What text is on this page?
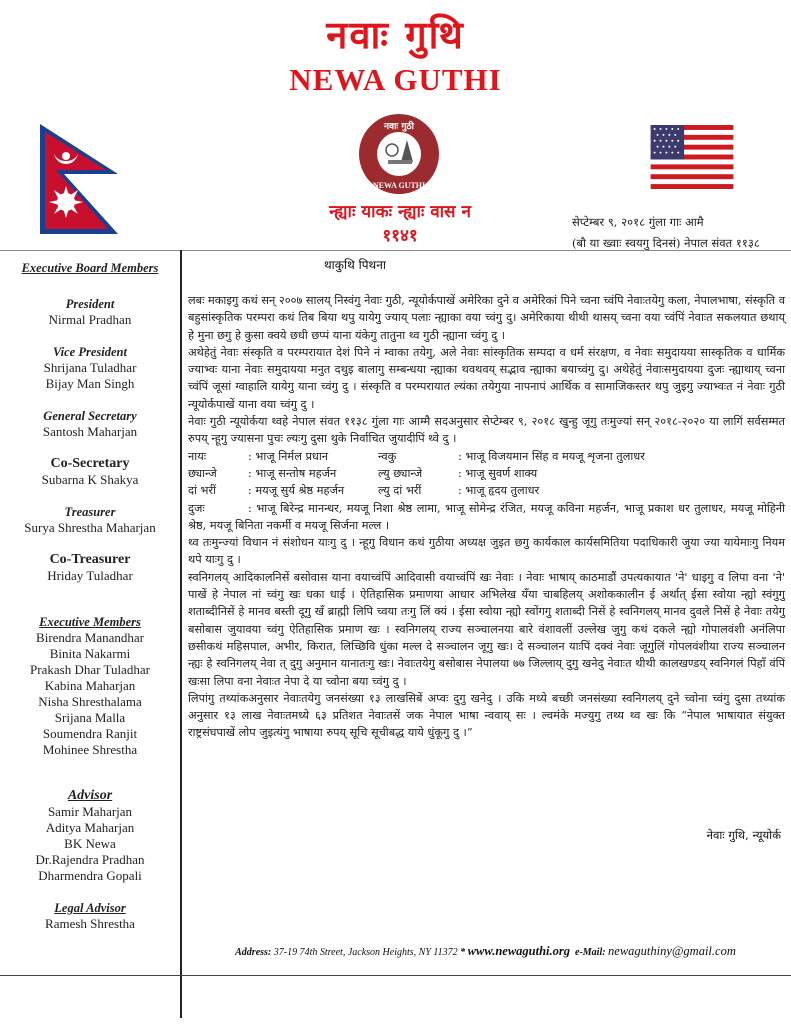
नवाः गुथि
NEWA GUTHI
नवाः गुठी
NEWA GUTHI
न्ह्याः याकः न्ह्याः वास न
११४१
सेप्टेम्बर ९, २०१८ गुंला गाः आमै
(बौ या ख्वाः स्वयगु दिनसं) नेपाल संवत ११३८
Executive Board Members
President
Nirmal Pradhan
Vice President
Shrijana Tuladhar
Bijay Man Singh
General Secretary
Santosh Maharjan
Co-Secretary
Subarna K Shakya
Treasurer
Surya Shrestha Maharjan
Co-Treasurer
Hriday Tuladhar
Executive Members
Birendra Manandhar
Binita Nakarmi
Prakash Dhar Tuladhar
Kabina Maharjan
Nisha Shresthalama
Srijana Malla
Soumendra Ranjit
Mohinee Shrestha
Advisor
Samir Maharjan
Aditya Maharjan
BK Newa
Dr.Rajendra Pradhan
Dharmendra Gopali
Legal Advisor
Ramesh Shrestha
थाकुथि पिथना

लबः मकाइगु कथं सन् २००७ सालय् निस्वंगु नेवाः गुठी, न्यूयोर्कपाखें अमेरिका दुने व अमेरिकां पिने च्वना च्वंपि नेवाःतयेगु कला, नेपालभाषा, संस्कृति व बहुसांस्कृतिक परम्परा कथं तिब बिया थपु यायेगु ज्याय् पलाः न्ह्याका वया च्वंगु दु। अमेरिकाया थीथी थासय् च्वना वया च्वंपिं नेवाःत सकलयात छथाय् हे मुना छगु हे कुसा क्वये छधी छप्पं याना यंकेगु तातुना थ्व गुठी न्ह्याना च्वंगु दु ।

अथेहेतुं नेवाः संस्कृति व परम्परायात देशं पिने नं म्वाका तयेगु, अले नेवाः सांस्कृतिक सम्पदा व धर्म संरक्षण, व नेवाः समुदायया सास्कृतिक व धार्मिक ज्याभ्वः याना नेवाः समुदायया मनुत दथुइ बालागु सम्बन्धया न्ह्याका थवथवय् सद्भाव न्ह्याका बयाच्वंगु दु। अथेहेतुं नेवाःसमुदायया दुजः न्ह्याथाय् च्वना च्वंपिं जूसां ग्वाहालि यायेगु याना च्वंगु दु । संस्कृति व परम्परायात ल्यंका तयेगुया नापनापं आर्थिक व सामाजिकस्तर थपु जुइगु ज्याभ्वःत नं नेवाः गुठी न्यूयोर्कपाखें याना वया च्वंगु दु ।

नेवाः गुठी न्यूयोर्कया थ्वहे नेपाल संवत ११३८ गुंला गाः आम्मै सदअनुसार सेप्टेम्बर ९, २०१८ खुन्हु जूगु तःमुज्यां सन् २०१८-२०२० या लागिं सर्वसम्मत रुपय् न्हूगु ज्यासना पुचः ल्यःगु दुसा थुके निर्वाचित जुयादीपिं थ्वे दु ।

नायः	: भाजू निर्मल प्रधान	न्वकु	: भाजू विजयमान सिंह व मयजू शृजना तुलाधर
छ्यान्जे	: भाजू सन्तोष महर्जन	ल्यु छ्यान्जे	: भाजू सुवर्ण शाक्य
दां भरीं	: मयजू सुर्य श्रेष्ठ महर्जन	ल्यु दां भरीं	: भाजू हृदय तुलाधर

दुजः	: भाजू बिरेन्द्र मानन्धर, मयजू निशा श्रेष्ठ लामा, भाजू सोमेन्द्र रंजित, मयजू कविना महर्जन, भाजू प्रकाश धर तुलाधर, मयजू मोहिनी श्रेष्ठ, मयजू बिनिता नकर्मी व मयजू सिर्जना मल्ल ।

थ्व तःमुन्ज्यां विधान नं संशोधन याःगु दु । न्हूगु विधान कथं गुठीया अध्यक्ष जुइत छगु कार्यकाल कार्यसमितिया पदाधिकारी जुया ज्या यायेमाःगु नियम थपे याःगु दु ।

स्वनिगलय् आदिकालनिसें बसोवास याना वयाच्वंपिं आदिवासी वयाच्वंपिं खः नेवाः । नेवाः भाषाय् काठमाडौं उपत्यकायात 'ने' धाइगु व लिपा वना 'ने' पाखें हे नेपाल नां च्वंगु खः धका धाई । ऐतिहासिक प्रमाणया आधार अभिलेख यँया चाबहिलय् अशोककालीन ई अर्थात् ईसा स्वोया न्ह्यो स्वंगुगु शताब्दीनिसें हे मानव बस्ती दूगु खँ ब्राह्मी लिपि च्वया तःगु लिं क्यं । ईसा स्वोया न्ह्यो स्वोंगगु शताब्दी निसें हे स्वनिगलय् मानव दुवले निसें हे नेवाः तयेगु बसोबास जुयावया च्वंगु ऐतिहासिक प्रमाण खः । स्वनिगलय् राज्य सञ्चालनया बारे वंशावलीं उल्लेख जुगु कथं दकले न्ह्यो गोपालवंशी अनंलिपा छसीकथं महिसपाल, अभीर, किरात, लिच्छिवि धुंका मल्ल दे सञ्चालन जूगु खः। दे सञ्चालन याःपिं दक्वं नेवाः जूगुलिं गोपलवंशीया राज्य सञ्चालन न्ह्यः हे स्वनिगलय् नेवा त् दुगु अनुमान यानातःगु खः। नेवाःतयेगु बसोबास नेपालया ७७ जिल्लाय् दुगु खनेदु नेवाःत थीथी कालखण्डय् स्वनिगलं पिहाँ वंपिं खःसा लिपा वना नेवाःत नेपा दे या च्वोना बया च्वंगु दु ।

लिपांगु तथ्यांकअनुसार नेवाःतयेगु जनसंख्या १३ लाखसिबें अप्वः दुगु खनेदु । उकि मध्ये बच्छी जनसंख्या स्वनिगलय् दुने च्वोना च्वंगु दुसा तथ्यांक अनुसार १३ लाख नेवाःतमध्ये ६३ प्रतिशत नेवाःतसें जक नेपाल भाषा न्ववाय् सः । ल्वमंके मज्युगु तथ्य थ्व खः कि “नेपाल भाषायात संयुक्त राष्ट्रसंघपाखें लोप जुइत्यंगु भाषाया रुपय् सूचि सूचीबद्ध याये धुंकूगु दु ।”

नेवाः गुथि, न्यूयोर्क
Address: 37-19 74th Street, Jackson Heights, NY 11372 * www.newaguthi.org e-Mail: newaguthiny@gmail.com
